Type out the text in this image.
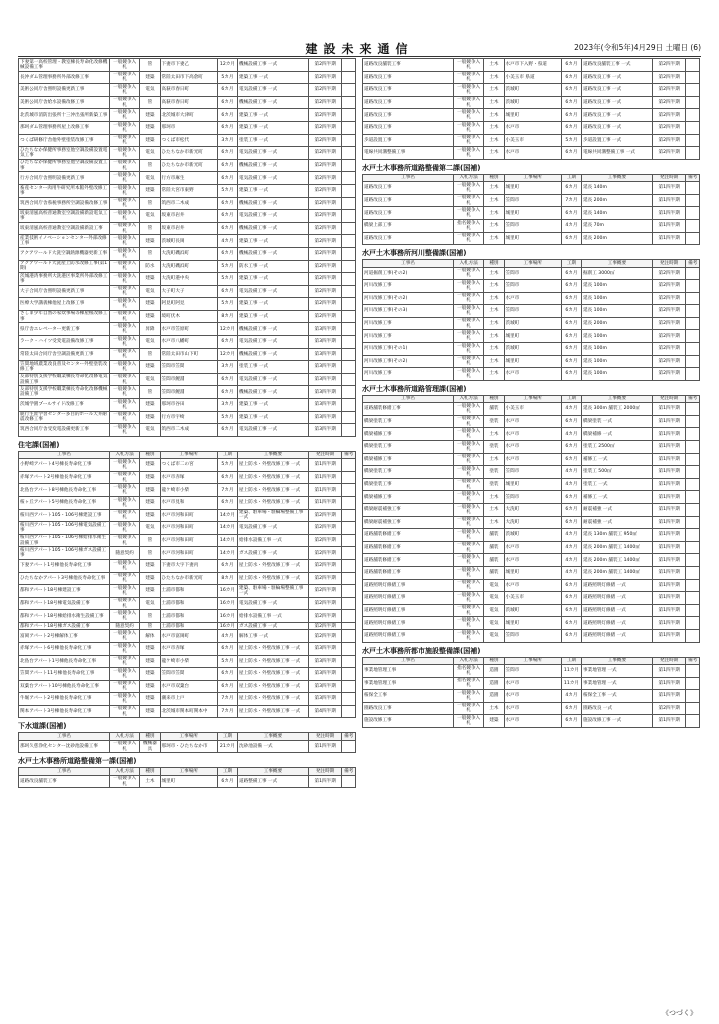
建設未来通信	2023年(令和5年)4月29日 土曜日 (6)
下妻第一高校管理・教室棟長寿命化改修機械設備工事	一般競争入札	管	下妻市下妻乙	12カ月	機械設備工事 一式	第2四半期	
長沖ダム管理事務所外部改修工事	一般競争入札	建築	常陸太田市下高倉町	5カ月	建築工事 一式	第2四半期	
美術公同庁舎照明設備更新工事	一般競争入札	電気	高萩市春日町	6カ月	電気設備工事 一式	第2四半期	
美術公同庁舎給水設備改修工事	一般競争入札	管	高萩市春日町	6カ月	機械設備工事 一式	第2四半期	
北茨城市消防出張所十三沖出張所新築工事	一般競争入札	建築	北茨城市大津町	6カ月	建築工事 一式	第2四半期	
那珂ダム管理事務所屋上改修工事	一般競争入札	建築	那珂市	6カ月	建築工事 一式	第2四半期	
つくば研修庁舎他外壁塗装改修工事	一般競争入札	建築	つくば市松代	3カ月	塗装工事 一式	第2四半期	
ひたちなか保健所事務室他空調設備設置電気工事	一般競争入札	電気	ひたちなか市新光町	6カ月	電気設備工事 一式	第2四半期	
ひたちなか保健所事務室他空調設備設置工事	一般競争入札	管	ひたちなか市新光町	6カ月	機械設備工事 一式	第2四半期	
行方合同庁舎照明設備更新工事	一般競争入札	電気	行方市麻生	6カ月	電気設備工事 一式	第2四半期	
畜産センター肉用牛研究所本館外壁改修工事	一般競争入札	建築	常陸大宮市東野	5カ月	建築工事 一式	第2四半期	
筑西合同庁舎県税事務所空調設備改修工事	一般競争入札	管	筑西市二木成	6カ月	機械設備工事 一式	第2四半期	
坂東清風高校普通教室空調設備新設電気工事	一般競争入札	電気	坂東市岩井	6カ月	電気設備工事 一式	第2四半期	
坂東清風高校普通教室空調設備新設工事	一般競争入札	管	坂東市岩井	6カ月	機械設備工事 一式	第2四半期	
産業技術イノベーションセンター外部改修工事	一般競争入札	建築	茨城町長岡	4カ月	建築工事 一式	第2四半期	
アクアワールド大洗空調熱源機器更新工事	一般競争入札	管	大洗町磯浜町	6カ月	機械設備工事 一式	第2四半期	
アクアワールド大洗屋上防水改修工事(第1期)	一般競争入札	防水	大洗町磯浜町	5カ月	防水工事 一式	第2四半期	
茨城港湾事務所大洗港区事業所外部改修工事	一般競争入札	建築	大洗町港中央	5カ月	建築工事 一式	第2四半期	
大子合同庁舎照明設備更新工事	一般競争入札	電気	大子町大子	6カ月	電気設備工事 一式	第2四半期	
医療大学講義棟他屋上改修工事	一般競争入札	建築	阿見町阿見	5カ月	建築工事 一式	第2四半期	
さしま少年自然の家炊事場等棟屋根改修工事	一般競争入札	建築	境町伏木	8カ月	建築工事 一式	第2四半期	
県庁舎エレベーター更新工事	一般競争入札	昇降	水戸市笠原町	12カ月	機械設備工事 一式	第3四半期	
ラーク・ハイツ受変電設備改修工事	一般競争入札	電気	水戸市八幡町	6カ月	電気設備工事 一式	第3四半期	
常陸太田合同庁舎空調設備更新工事	一般競争入札	管	常陸太田市山下町	12カ月	機械設備工事 一式	第3四半期	
笠間地域農業改良普及センター外壁塗装改修工事	一般競争入札	建築	笠間市笠間	3カ月	塗装工事 一式	第3四半期	
友部特別支援学校職業棟長寿命化改修電気設備工事	一般競争入札	電気	笠間市鯉淵	6カ月	電気設備工事 一式	第3四半期	
友部特別支援学校職業棟長寿命化改修機械設備工事	一般競争入札	管	笠間市鯉淵	6カ月	機械設備工事 一式	第3四半期	
茨城学園プールサイド改修工事	一般競争入札	建築	那珂市谷田	3カ月	建築工事 一式	第3四半期	
鹿行生涯学習センター多目的ホール天井耐震改修工事	一般競争入札	建築	行方市宇崎	5カ月	建築工事 一式	第3四半期	
筑西合同庁舎受変電設備更新工事	一般競争入札	電気	筑西市二木成	6カ月	電気設備工事 一式	第3四半期	
住宅課(国補)
工事名	入札方法	種別	工事場所	工期	工事概要	発注時期	備考
小野崎アパート4号棟長寿命化工事	一般競争入札	建築	つくば市二の宮	5カ月	屋上防水・外壁改修工事 一式	第1四半期	
赤塚アパート2号棟他長寿命化工事	一般競争入札	建築	水戸市赤塚	6カ月	屋上防水・外壁改修工事 一式	第1四半期	
北島台アパート8号棟他長寿命化工事	一般競争入札	建築	龍ケ崎市小柴	7カ月	屋上防水・外壁改修工事 一式	第1四半期	
桜ヶ丘アパート5号棟他長寿命化工事	一般競争入札	建築	水戸市見和	6カ月	屋上防水・外壁改修工事 一式	第1四半期	
桜川西アパート105・106号棟建設工事	一般競争入札	建築	水戸市河和田町	14カ月	建築、駐車場・駐輪場整備工事 一式	第2四半期	
桜川西アパート105・106号棟電気設備工事	一般競争入札	電気	水戸市河和田町	14カ月	電気設備工事 一式	第2四半期	
桜川西アパート105・106号棟給排水衛生設備工事	一般競争入札	管	水戸市河和田町	14カ月	給排水設備工事 一式	第2四半期	
桜川西アパート105・106号棟ガス設備工事	随意契約	管	水戸市河和田町	14カ月	ガス設備工事 一式	第2四半期	
下妻アパート1号棟他長寿命化工事	一般競争入札	建築	下妻市大字下妻丙	6カ月	屋上防水・外壁改修工事 一式	第2四半期	
ひたちなかアパート3号棟他長寿命化工事	一般競争入札	建築	ひたちなか市新光町	8カ月	屋上防水・外壁改修工事 一式	第2四半期	
都和アパート18号棟建設工事	一般競争入札	建築	土浦市都和	16カ月	建築、駐車場・駐輪場整備工事 一式	第2四半期	
都和アパート18号棟電気設備工事	一般競争入札	電気	土浦市都和	16カ月	電気設備工事 一式	第2四半期	
都和アパート18号棟給排水衛生設備工事	一般競争入札	管	土浦市都和	16カ月	給排水設備工事 一式	第2四半期	
都和アパート18号棟ガス設備工事	随意契約	管	土浦市都和	16カ月	ガス設備工事 一式	第2四半期	
富岡アパート2号棟解体工事	一般競争入札	解体	水戸市富岡町	4カ月	解体工事 一式	第2四半期	
赤塚アパート6号棟他長寿命化工事	一般競争入札	建築	水戸市赤塚	6カ月	屋上防水・外壁改修工事 一式	第3四半期	
北島台アパート1号棟他長寿命化工事	一般競争入札	建築	龍ケ崎市小柴	5カ月	屋上防水・外壁改修工事 一式	第3四半期	
笠間アパート11号棟他長寿命化工事	一般競争入札	建築	笠間市笠間	6カ月	屋上防水・外壁改修工事 一式	第3四半期	
双葉台アパート10号棟他長寿命化工事	一般競争入札	建築	水戸市双葉台	6カ月	屋上防水・外壁改修工事 一式	第3四半期	
牛堀アパート2号棟他長寿命化工事	一般競争入札	建築	潮来市上戸	7カ月	屋上防水・外壁改修工事 一式	第3四半期	
関本アパート3号棟他長寿命化工事	一般競争入札	建築	北茨城市関本町関本中	7カ月	屋上防水・外壁改修工事 一式	第4四半期	
下水道課(国補)
工事名	入札方法	種別	工事場所	工期	工事概要	発注時期	備考
那珂久慈浄化センター沈砂池設備工事	一般競争入札	機械器具	那珂市・ひたちなか市	21カ月	沈砂池設備 一式	第1四半期	
水戸土木事務所道路整備第一課(国補)
工事名	入札方法	種別	工事場所	工期	工事概要	発注時期	備考
道路改良舗装工事	一般競争入札	土木	城里町	6カ月	道路整備工事 一式	第1四半期	
道路改良舗装工事	一般競争入札	土木	水戸市下入野・県道	6カ月	道路改良舗装工事 一式	第2四半期	
道路改良工事	一般競争入札	土木	小美玉市 県道	6カ月	道路改良工事 一式	第2四半期	
道路改良工事	一般競争入札	土木	茨城町	6カ月	道路改良工事 一式	第2四半期	
道路改良工事	一般競争入札	土木	茨城町	6カ月	道路改良工事 一式	第2四半期	
道路改良工事	一般競争入札	土木	城里町	6カ月	道路改良工事 一式	第2四半期	
道路改良工事	一般競争入札	土木	水戸市	6カ月	道路改良工事 一式	第2四半期	
歩道設置工事	一般競争入札	土木	小美玉市	5カ月	歩道設置工事 一式	第2四半期	
電線共同溝整備工事	一般競争入札	土木	水戸市	6カ月	電線共同溝整備工事 一式	第2四半期	
水戸土木事務所道路整備第二課(国補)
工事名	入札方法	種別	工事場所	工期	工事概要	発注時期	備考
道路改良工事	一般競争入札	土木	城里町	6カ月	延長 140m	第1四半期	
道路改良工事	一般競争入札	土木	笠間市	7カ月	延長 200m	第1四半期	
道路改良工事	一般競争入札	土木	城里町	6カ月	延長 140m	第1四半期	
橋梁上部工事	指名競争入札	土木	笠間市	4カ月	延長 70m	第1四半期	
道路改良工事	一般競争入札	土木	城里町	6カ月	延長 200m	第1四半期	
水戸土木事務所河川整備課(国補)
工事名	入札方法	種別	工事場所	工期	工事概要	発注時期	備考
河道掘削工事(その2)	一般競争入札	土木	笠間市	6カ月	掘削工 3000㎥	第2四半期	
河川改修工事	一般競争入札	土木	笠間市	6カ月	延長 100m	第2四半期	
河川改修工事(その2)	一般競争入札	土木	水戸市	6カ月	延長 100m	第2四半期	
河川改修工事(その3)	一般競争入札	土木	笠間市	6カ月	延長 100m	第2四半期	
河川改修工事	一般競争入札	土木	茨城町	6カ月	延長 200m	第2四半期	
河川改修工事	一般競争入札	土木	城里町	6カ月	延長 100m	第2四半期	
河川改修工事(その1)	一般競争入札	土木	茨城町	6カ月	延長 100m	第2四半期	
河川改修工事(その2)	一般競争入札	土木	城里町	6カ月	延長 100m	第2四半期	
河川改修工事	一般競争入札	土木	水戸市	6カ月	延長 100m	第2四半期	
水戸土木事務所道路管理課(国補)
工事名	入札方法	種別	工事場所	工期	工事概要	発注時期	備考
道路舗装修繕工事	一般競争入札	舗装	小美玉市	4カ月	延長 300m 舗装工 2000㎡	第1四半期	
橋梁塗装工事	一般競争入札	塗装	水戸市	6カ月	橋梁塗装 一式	第1四半期	
橋梁補修工事	一般競争入札	土木	水戸市	4カ月	橋梁補修 一式	第1四半期	
橋梁塗装工事	一般競争入札	塗装	水戸市	6カ月	塗装工 2500㎡	第1四半期	
橋梁補修工事	一般競争入札	土木	水戸市	6カ月	補修工 一式	第1四半期	
橋梁塗装工事	一般競争入札	塗装	笠間市	4カ月	塗装工 500㎡	第1四半期	
橋梁塗装工事	一般競争入札	塗装	城里町	4カ月	塗装工 一式	第1四半期	
橋梁補修工事	一般競争入札	土木	笠間市	6カ月	補修工 一式	第1四半期	
橋梁耐震補強工事	一般競争入札	土木	大洗町	6カ月	耐震補強 一式	第1四半期	
橋梁耐震補強工事	一般競争入札	土木	大洗町	6カ月	耐震補強 一式	第1四半期	
道路舗装修繕工事	一般競争入札	舗装	茨城町	4カ月	延長 130m 舗装工 950㎡	第1四半期	
道路舗装修繕工事	一般競争入札	舗装	水戸市	4カ月	延長 200m 舗装工 1400㎡	第1四半期	
道路舗装修繕工事	一般競争入札	舗装	水戸市	4カ月	延長 200m 舗装工 1400㎡	第1四半期	
道路舗装修繕工事	一般競争入札	舗装	城里町	4カ月	延長 200m 舗装工 1400㎡	第1四半期	
道路照明灯修繕工事	一般競争入札	電気	水戸市	6カ月	道路照明灯修繕 一式	第1四半期	
道路照明灯修繕工事	一般競争入札	電気	小美玉市	6カ月	道路照明灯修繕 一式	第1四半期	
道路照明灯修繕工事	一般競争入札	電気	茨城町	6カ月	道路照明灯修繕 一式	第1四半期	
道路照明灯修繕工事	一般競争入札	電気	城里町	6カ月	道路照明灯修繕 一式	第1四半期	
道路照明灯修繕工事	一般競争入札	電気	笠間市	6カ月	道路照明灯修繕 一式	第1四半期	
水戸土木事務所都市施設整備課(国補)
工事名	入札方法	種別	工事場所	工期	工事概要	発注時期	備考
事業地管理工事	指名競争入札	造園	笠間市	11カ月	事業地管理 一式	第1四半期	
事業地管理工事	指名競争入札	造園	水戸市	11カ月	事業地管理 一式	第1四半期	
桜保全工事	一般競争入札	造園	水戸市	4カ月	桜保全工事 一式	第1四半期	
園路改良工事	一般競争入札	土木	水戸市	6カ月	園路改良 一式	第2四半期	
施設改修工事	一般競争入札	建築	水戸市	6カ月	施設改修工事 一式	第1四半期	
《つづく》
